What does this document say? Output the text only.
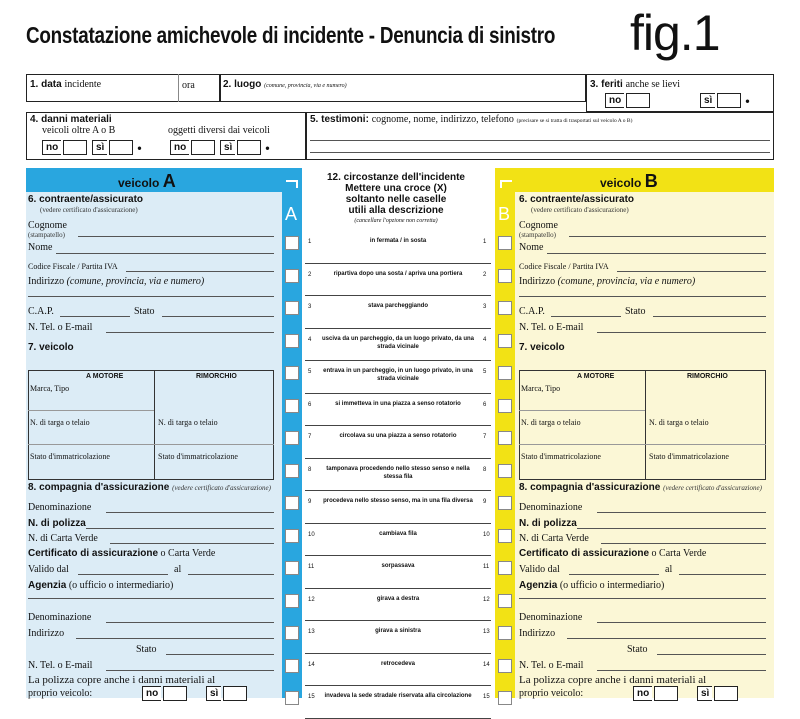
Constatazione amichevole di incidente - Denuncia di sinistro fig.1
1. data incidente	ora	2. luogo (comune, provincia, via e numero)	3. feriti anche se lievi
no	sì	•
4. danni materiali
veicoli oltre A o B	oggetti diversi dai veicoli
no	sì	•	no	sì	•
5. testimoni: cognome, nome, indirizzo, telefono (precisare se si tratta di trasportati sul veicolo A o B)
veicolo A
A
veicolo B
B
12. circostanze dell'incidente
Mettere una croce (X)
soltanto nelle caselle
utili alla descrizione
(cancellare l'opzione non corretta)
1	1
in fermata / in sosta
2	2
ripartiva dopo una sosta / apriva una portiera
3	3
stava parcheggiando
4	4
usciva da un parcheggio, da un luogo privato, da una strada vicinale
5	5
entrava in un parcheggio, in un luogo privato, in una strada vicinale
6	6
si immetteva in una piazza a senso rotatorio
7	7
circolava su una piazza a senso rotatorio
8	8
tamponava procedendo nello stesso senso e nella stessa fila
9	9
procedeva nello stesso senso, ma in una fila diversa
10	10
cambiava fila
11	11
sorpassava
12	12
girava a destra
13	13
girava a sinistra
14	14
retrocedeva
15	15
invadeva la sede stradale riservata alla circolazione
6. contraente/assicurato
(vedere certificato d'assicurazione)
Cognome
(stampatello)
Nome
Codice Fiscale / Partita IVA
Indirizzo (comune, provincia, via e numero)
C.A.P.	Stato
N. Tel. o E-mail
7. veicolo
A MOTORE	RIMORCHIO
Marca, Tipo
N. di targa o telaio	N. di targa o telaio
Stato d'immatricolazione	Stato d'immatricolazione
8. compagnia d'assicurazione (vedere certificato d'assicurazione)
Denominazione
N. di polizza
N. di Carta Verde
Certificato di assicurazione o Carta Verde
Valido dal	al
Agenzia (o ufficio o intermediario)
Denominazione
Indirizzo
Stato
N. Tel. o E-mail
La polizza copre anche i danni materiali al
proprio veicolo:	no	sì
6. contraente/assicurato
(vedere certificato d'assicurazione)
Cognome
(stampatello)
Nome
Codice Fiscale / Partita IVA
Indirizzo (comune, provincia, via e numero)
C.A.P.	Stato
N. Tel. o E-mail
7. veicolo
A MOTORE	RIMORCHIO
Marca, Tipo
N. di targa o telaio	N. di targa o telaio
Stato d'immatricolazione	Stato d'immatricolazione
8. compagnia d'assicurazione (vedere certificato d'assicurazione)
Denominazione
N. di polizza
N. di Carta Verde
Certificato di assicurazione o Carta Verde
Valido dal	al
Agenzia (o ufficio o intermediario)
Denominazione
Indirizzo
Stato
N. Tel. o E-mail
La polizza copre anche i danni materiali al
proprio veicolo:	no	sì
